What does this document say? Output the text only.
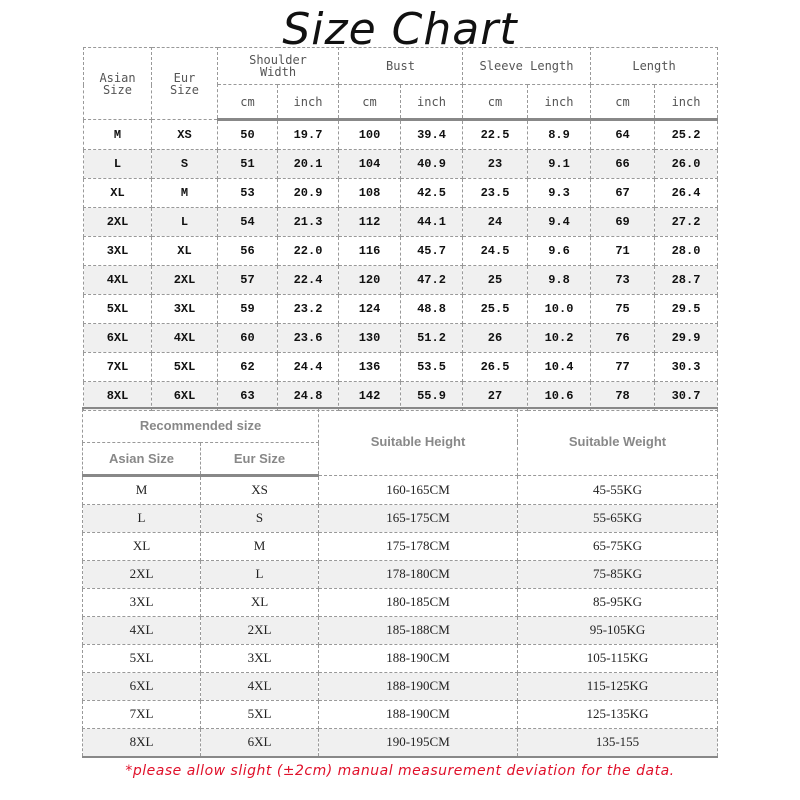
Size Chart
Asian Size	Eur Size	Shoulder Width		Bust		Sleeve Length		Length	
		cm	inch	cm	inch	cm	inch	cm	inch
M	XS	50	19.7	100	39.4	22.5	8.9	64	25.2
L	S	51	20.1	104	40.9	23	9.1	66	26.0
XL	M	53	20.9	108	42.5	23.5	9.3	67	26.4
2XL	L	54	21.3	112	44.1	24	9.4	69	27.2
3XL	XL	56	22.0	116	45.7	24.5	9.6	71	28.0
4XL	2XL	57	22.4	120	47.2	25	9.8	73	28.7
5XL	3XL	59	23.2	124	48.8	25.5	10.0	75	29.5
6XL	4XL	60	23.6	130	51.2	26	10.2	76	29.9
7XL	5XL	62	24.4	136	53.5	26.5	10.4	77	30.3
8XL	6XL	63	24.8	142	55.9	27	10.6	78	30.7
Recommended size		Suitable Height	Suitable Weight
Asian Size	Eur Size		
M	XS	160-165CM	45-55KG
L	S	165-175CM	55-65KG
XL	M	175-178CM	65-75KG
2XL	L	178-180CM	75-85KG
3XL	XL	180-185CM	85-95KG
4XL	2XL	185-188CM	95-105KG
5XL	3XL	188-190CM	105-115KG
6XL	4XL	188-190CM	115-125KG
7XL	5XL	188-190CM	125-135KG
8XL	6XL	190-195CM	135-155
*please allow slight (±2cm) manual measurement deviation for the data.
